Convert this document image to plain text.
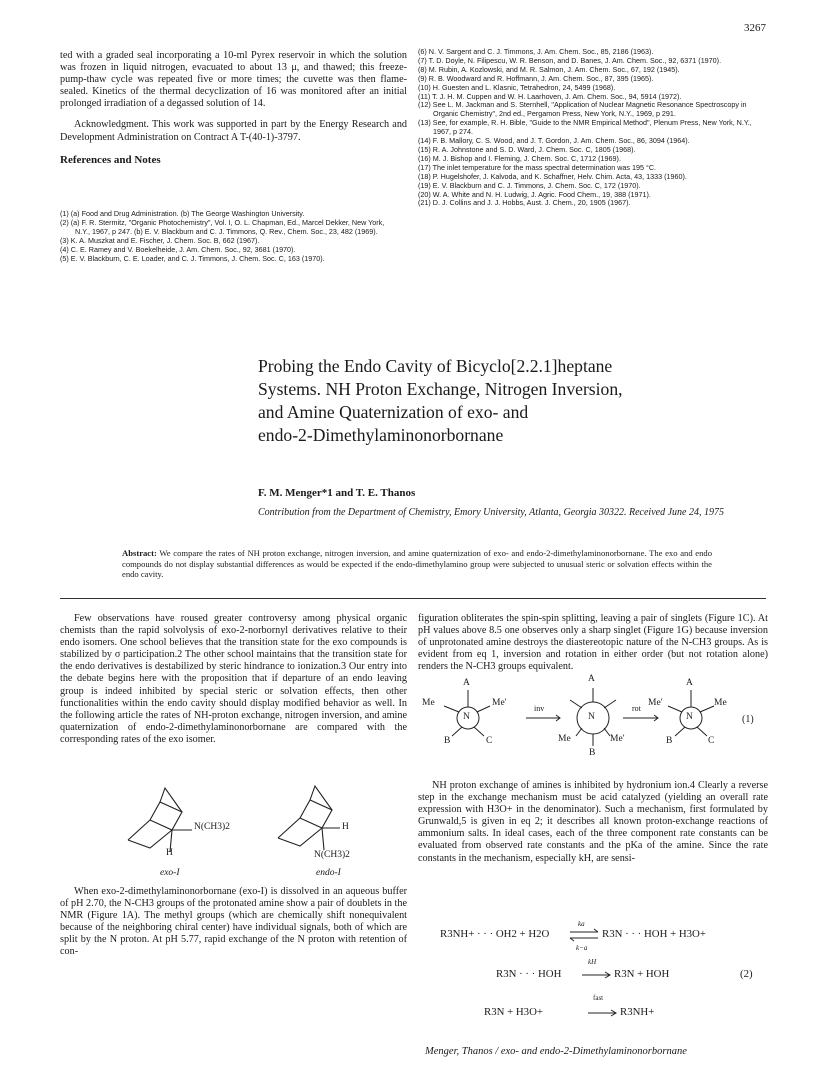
3267

ted with a graded seal incorporating a 10-ml Pyrex reservoir in which the solution was frozen in liquid nitrogen, evacuated to about 13 μ, and thawed; this freeze-pump-thaw cycle was repeated five or more times; the cuvette was then flame-sealed. Kinetics of the thermal decyclization of 16 was monitored after an initial prolonged irradiation of a degassed solution of 14.

Acknowledgment. This work was supported in part by the Energy Research and Development Administration on Contract A T-(40-1)-3797.

References and Notes
(1) (a) Food and Drug Administration. (b) The George Washington University.
(2) (a) F. R. Stermitz, "Organic Photochemistry", Vol. I, O. L. Chapman, Ed., Marcel Dekker, New York, N.Y., 1967, p 247. (b) E. V. Blackburn and C. J. Timmons, Q. Rev., Chem. Soc., 23, 482 (1969).
(3) K. A. Muszkat and E. Fischer, J. Chem. Soc. B, 662 (1967).
(4) C. E. Ramey and V. Boekelheide, J. Am. Chem. Soc., 92, 3681 (1970).
(5) E. V. Blackburn, C. E. Loader, and C. J. Timmons, J. Chem. Soc. C, 163 (1970).
(6) N. V. Sargent and C. J. Timmons, J. Am. Chem. Soc., 85, 2186 (1963).
(7) T. D. Doyle, N. Filipescu, W. R. Benson, and D. Banes, J. Am. Chem. Soc., 92, 6371 (1970).
(8) M. Rubin, A. Kozlowski, and M. R. Salmon, J. Am. Chem. Soc., 67, 192 (1945).
(9) R. B. Woodward and R. Hoffmann, J. Am. Chem. Soc., 87, 395 (1965).
(10) H. Guesten and L. Klasnic, Tetrahedron, 24, 5499 (1968).
(11) T. J. H. M. Cuppen and W. H. Laarhoven, J. Am. Chem. Soc., 94, 5914 (1972).
(12) See L. M. Jackman and S. Sternhell, "Application of Nuclear Magnetic Resonance Spectroscopy in Organic Chemistry", 2nd ed., Pergamon Press, New York, N.Y., 1969, p 291.
(13) See, for example, R. H. Bible, "Guide to the NMR Empirical Method", Plenum Press, New York, N.Y., 1967, p 274.
(14) F. B. Mallory, C. S. Wood, and J. T. Gordon, J. Am. Chem. Soc., 86, 3094 (1964).
(15) R. A. Johnstone and S. D. Ward, J. Chem. Soc. C, 1805 (1968).
(16) M. J. Bishop and I. Fleming, J. Chem. Soc. C, 1712 (1969).
(17) The inlet temperature for the mass spectral determination was 195 °C.
(18) P. Hugelshofer, J. Kalvoda, and K. Schaffner, Helv. Chim. Acta, 43, 1333 (1960).
(19) E. V. Blackburn and C. J. Timmons, J. Chem. Soc. C, 172 (1970).
(20) W. A. White and N. H. Ludwig, J. Agric. Food Chem., 19, 388 (1971).
(21) D. J. Collins and J. J. Hobbs, Aust. J. Chem., 20, 1905 (1967).
Probing the Endo Cavity of Bicyclo[2.2.1]heptane
Systems. NH Proton Exchange, Nitrogen Inversion,
and Amine Quaternization of exo- and
endo-2-Dimethylaminonorbornane
F. M. Menger*1 and T. E. Thanos
Contribution from the Department of Chemistry, Emory University, Atlanta, Georgia 30322. Received June 24, 1975
Abstract: We compare the rates of NH proton exchange, nitrogen inversion, and amine quaternization of exo- and endo-2-dimethylaminonorbornane. The exo and endo compounds do not display substantial differences as would be expected if the endo-dimethylamino group were subjected to unusual steric or solvation effects within the endo cavity.

Few observations have roused greater controversy among physical organic chemists than the rapid solvolysis of exo-2-norbornyl derivatives relative to their endo isomers. One school believes that the transition state for the exo compounds is stabilized by σ participation.2 The other school maintains that the transition state for the endo derivatives is destabilized by steric hindrance to ionization.3 Our entry into the debate begins here with the proposition that if departure of an endo leaving group is indeed inhibited by special steric or solvation effects, then other functionalities within the endo cavity should display modified behavior as well. In the following article the rates of NH-proton exchange, nitrogen inversion, and amine quaternization of endo-2-dimethylaminonorbornane are compared with the corresponding rates of the exo isomer.

N(CH3)2
H
exo-I
H
N(CH3)2
endo-I

When exo-2-dimethylaminonorbornane (exo-I) is dissolved in an aqueous buffer of pH 2.70, the N-CH3 groups of the protonated amine show a pair of doublets in the NMR (Figure 1A). The methyl groups (which are chemically shift nonequivalent because of the neighboring chiral center) have individual signals, both of which are split by the N proton. At pH 5.77, rapid exchange of the N proton with retention of con-

figuration obliterates the spin-spin splitting, leaving a pair of singlets (Figure 1C). At pH values above 8.5 one observes only a sharp singlet (Figure 1G) because inversion of unprotonated amine destroys the diastereotopic nature of the N-CH3 groups. As is evident from eq 1, inversion and rotation in either order (but not rotation alone) renders the N-CH3 groups equivalent.

A
Me	Me′
N
B	C
inv
A
N
Me	Me′
B
rot
A
Me′	Me
N
B	C
(1)

NH proton exchange of amines is inhibited by hydronium ion.4 Clearly a reverse step in the exchange mechanism must be acid catalyzed (yielding an overall rate expression with H3O+ in the denominator). Such a mechanism, first formulated by Grunwald,5 is given in eq 2; it describes all known proton-exchange reactions of ammonium salts. In ideal cases, each of the three component rate constants can be evaluated from observed rate constants and the pKa of the amine. Since the rate constants in the mechanism, especially kH, are sensi-

R3NH+ · · · OH2 + H2O
ka
k−a
R3N · · · HOH + H3O+
R3N · · · HOH
kH
R3N + HOH	(2)
R3N + H3O+
fast
R3NH+
Menger, Thanos / exo- and endo-2-Dimethylaminonorbornane
